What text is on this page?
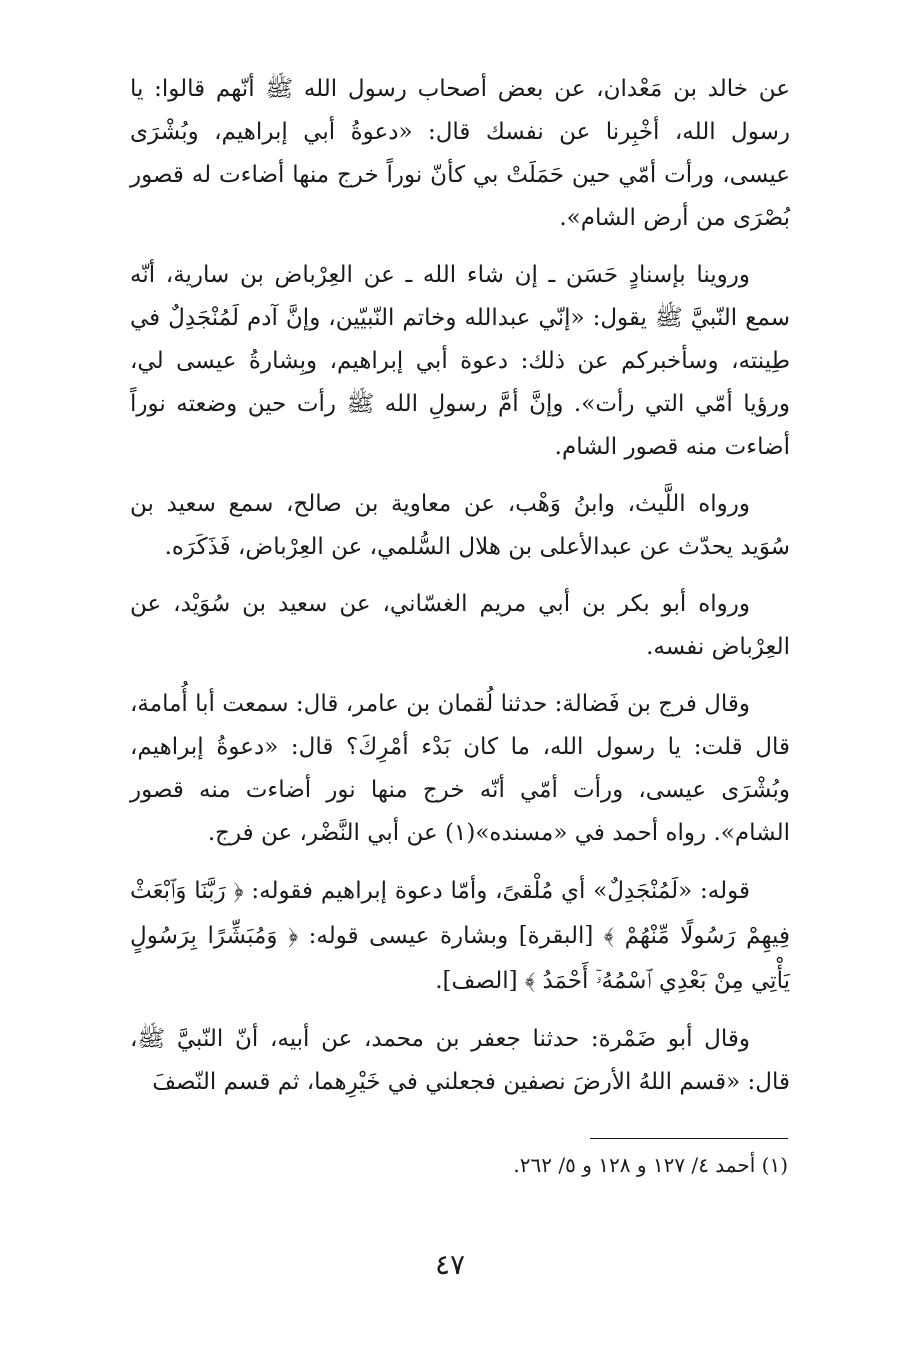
عن خالد بن مَعْدان، عن بعض أصحاب رسول الله ﷺ أنّهم قالوا: يا رسول الله، أخْبِرنا عن نفسك قال: «دعوةُ أبي إبراهيم، وبُشْرَى عيسى، ورأت أمّي حين حَمَلَتْ بي كأنّ نوراً خرج منها أضاءت له قصور بُصْرَى من أرض الشام».

وروينا بإسنادٍ حَسَن ـ إن شاء الله ـ عن العِرْباض بن سارية، أنّه سمع النّبيَّ ﷺ يقول: «إنّي عبدالله وخاتم النّبيّين، وإنَّ آدم لَمُنْجَدِلٌ في طِينته، وسأخبركم عن ذلك: دعوة أبي إبراهيم، وبِشارةُ عيسى لي، ورؤيا أمّي التي رأت». وإنَّ أمَّ رسولِ الله ﷺ رأت حين وضعته نوراً أضاءت منه قصور الشام.

ورواه اللَّيث، وابنُ وَهْب، عن معاوية بن صالح، سمع سعيد بن سُوَيد يحدّث عن عبدالأعلى بن هلال السُّلمي، عن العِرْباض، فَذَكَرَه.

ورواه أبو بكر بن أبي مريم الغسّاني، عن سعيد بن سُوَيْد، عن العِرْباض نفسه.

وقال فرج بن فَضالة: حدثنا لُقمان بن عامر، قال: سمعت أبا أُمامة، قال قلت: يا رسول الله، ما كان بَدْء أمْرِكَ؟ قال: «دعوةُ إبراهيم، وبُشْرَى عيسى، ورأت أمّي أنّه خرج منها نور أضاءت منه قصور الشام». رواه أحمد في «مسنده»(١) عن أبي النَّضْر، عن فرج.

قوله: «لَمُنْجَدِلٌ» أي مُلْقىً، وأمّا دعوة إبراهيم فقوله: ﴿ رَبَّنَا وَٱبْعَثْ فِيهِمْ رَسُولًا مِّنْهُمْ ﴾ [البقرة] وبشارة عيسى قوله: ﴿ وَمُبَشِّرًا بِرَسُولٍ يَأْتِي مِنْ بَعْدِي ٱسْمُهُۥٓ أَحْمَدُ ﴾ [الصف].

وقال أبو ضَمْرة: حدثنا جعفر بن محمد، عن أبيه، أنّ النّبيَّ ﷺ، قال: «قسم اللهُ الأرضَ نصفين فجعلني في خَيْرِهما، ثم قسم النّصفَ

(١) أحمد ٤/ ١٢٧ و ١٢٨ و ٥/ ٢٦٢.
٤٧
